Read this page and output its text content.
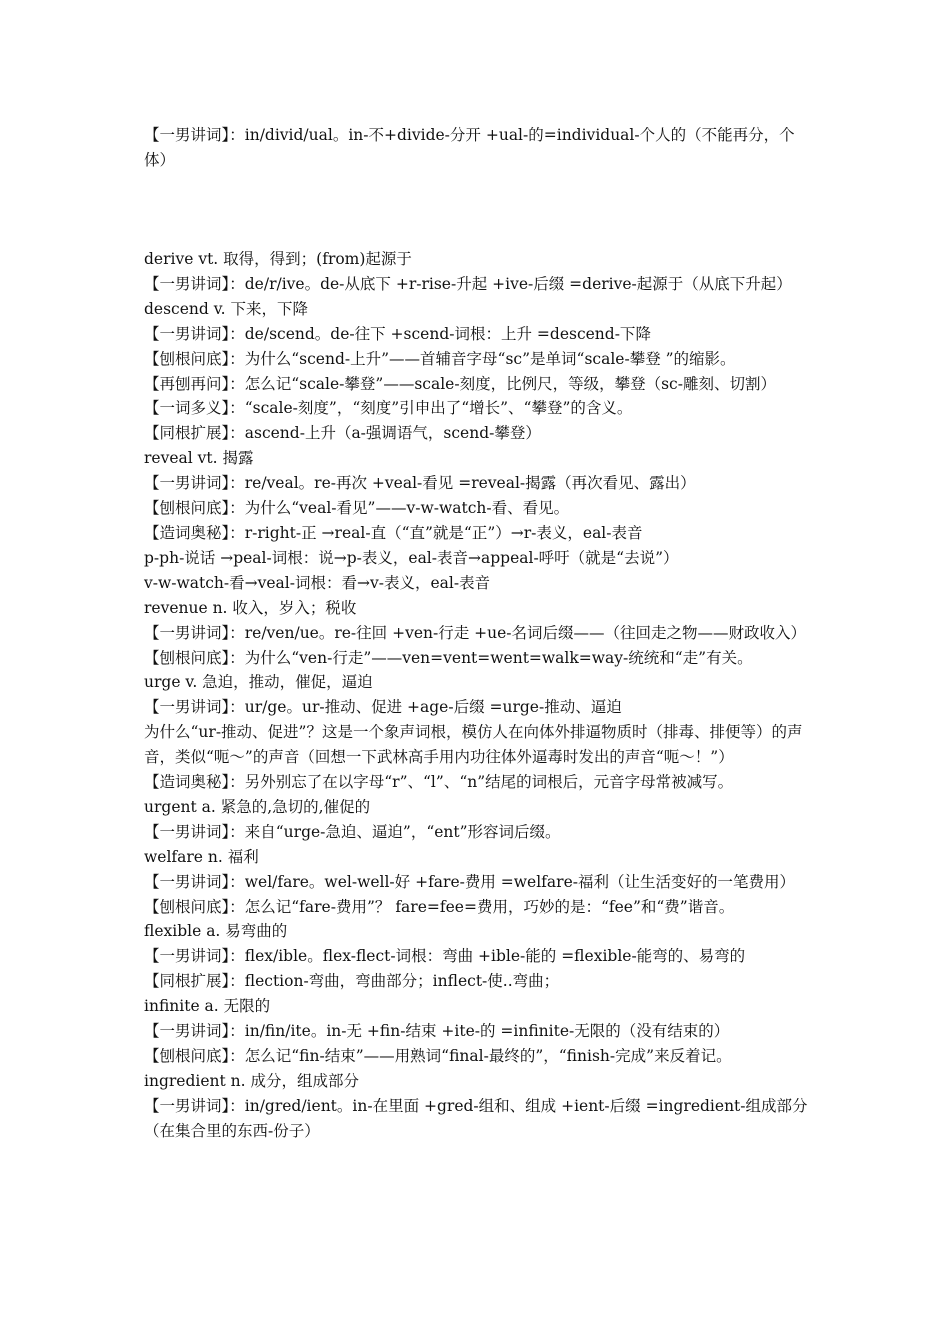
【一男讲词】：in/divid/ual。in-不+divide-分开 +ual-的=individual-个人的（不能再分，个体）
derive vt. 取得，得到；(from)起源于
【一男讲词】：de/r/ive。de-从底下 +r-rise-升起 +ive-后缀 =derive-起源于（从底下升起）
descend v. 下来，下降
【一男讲词】：de/scend。de-往下 +scend-词根：上升 =descend-下降
【刨根问底】：为什么“scend-上升”——首辅音字母“sc”是单词“scale-攀登 ”的缩影。
【再刨再问】：怎么记“scale-攀登”——scale-刻度，比例尺，等级，攀登（sc-雕刻、切割）
【一词多义】：“scale-刻度”，“刻度”引申出了“增长”、“攀登”的含义。
【同根扩展】：ascend-上升（a-强调语气，scend-攀登）
reveal vt. 揭露
【一男讲词】：re/veal。re-再次 +veal-看见 =reveal-揭露（再次看见、露出）
【刨根问底】：为什么“veal-看见”——v-w-watch-看、看见。
【造词奥秘】：r-right-正 →real-直（“直”就是“正”）→r-表义，eal-表音
p-ph-说话 →peal-词根：说→p-表义，eal-表音→appeal-呼吁（就是“去说”）
v-w-watch-看→veal-词根：看→v-表义，eal-表音
revenue n. 收入，岁入；税收
【一男讲词】：re/ven/ue。re-往回 +ven-行走 +ue-名词后缀——（往回走之物——财政收入）
【刨根问底】：为什么“ven-行走”——ven=vent=went=walk=way-统统和“走”有关。
urge v. 急迫，推动，催促，逼迫
【一男讲词】：ur/ge。ur-推动、促进 +age-后缀 =urge-推动、逼迫
为什么“ur-推动、促进”？这是一个象声词根，模仿人在向体外排逼物质时（排毒、排便等）的声音，类似“呃～”的声音（回想一下武林高手用内功往体外逼毒时发出的声音“呃～！”）
【造词奥秘】：另外别忘了在以字母“r”、“l”、“n”结尾的词根后，元音字母常被减写。
urgent a. 紧急的,急切的,催促的
【一男讲词】：来自“urge-急迫、逼迫”，“ent”形容词后缀。
welfare n. 福利
【一男讲词】：wel/fare。wel-well-好 +fare-费用 =welfare-福利（让生活变好的一笔费用）
【刨根问底】：怎么记“fare-费用”？ fare=fee=费用，巧妙的是：“fee”和“费”谐音。
flexible a. 易弯曲的
【一男讲词】：flex/ible。flex-flect-词根：弯曲 +ible-能的 =flexible-能弯的、易弯的
【同根扩展】：flection-弯曲，弯曲部分；inflect-使..弯曲；
infinite a. 无限的
【一男讲词】：in/fin/ite。in-无 +fin-结束 +ite-的 =infinite-无限的（没有结束的）
【刨根问底】：怎么记“fin-结束”——用熟词“final-最终的”，“finish-完成”来反着记。
ingredient n. 成分，组成部分
【一男讲词】：in/gred/ient。in-在里面 +gred-组和、组成 +ient-后缀 =ingredient-组成部分（在集合里的东西-份子）
